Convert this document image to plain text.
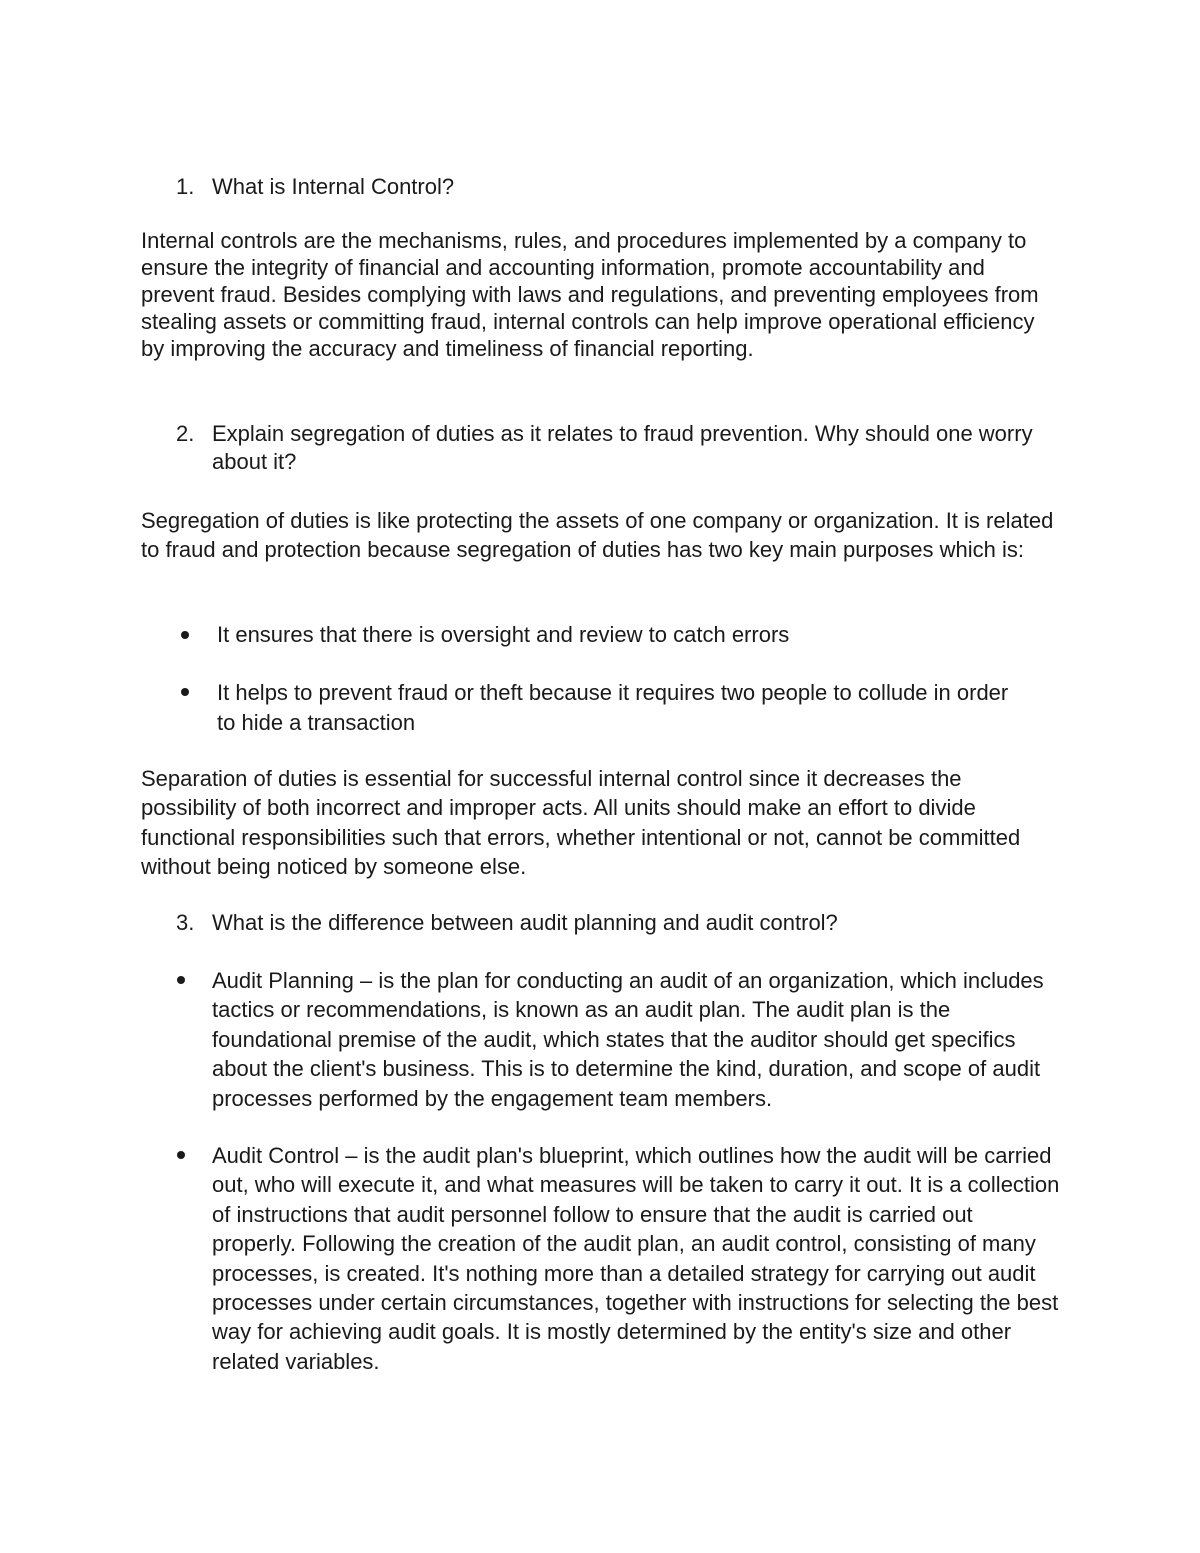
1. What is Internal Control?
Internal controls are the mechanisms, rules, and procedures implemented by a company to ensure the integrity of financial and accounting information, promote accountability and prevent fraud. Besides complying with laws and regulations, and preventing employees from stealing assets or committing fraud, internal controls can help improve operational efficiency by improving the accuracy and timeliness of financial reporting.
2. Explain segregation of duties as it relates to fraud prevention. Why should one worry about it?
Segregation of duties is like protecting the assets of one company or organization. It is related to fraud and protection because segregation of duties has two key main purposes which is:
It ensures that there is oversight and review to catch errors
It helps to prevent fraud or theft because it requires two people to collude in order to hide a transaction
Separation of duties is essential for successful internal control since it decreases the possibility of both incorrect and improper acts. All units should make an effort to divide functional responsibilities such that errors, whether intentional or not, cannot be committed without being noticed by someone else.
3. What is the difference between audit planning and audit control?
Audit Planning – is the plan for conducting an audit of an organization, which includes tactics or recommendations, is known as an audit plan. The audit plan is the foundational premise of the audit, which states that the auditor should get specifics about the client's business. This is to determine the kind, duration, and scope of audit processes performed by the engagement team members.
Audit Control – is the audit plan's blueprint, which outlines how the audit will be carried out, who will execute it, and what measures will be taken to carry it out. It is a collection of instructions that audit personnel follow to ensure that the audit is carried out properly. Following the creation of the audit plan, an audit control, consisting of many processes, is created. It's nothing more than a detailed strategy for carrying out audit processes under certain circumstances, together with instructions for selecting the best way for achieving audit goals. It is mostly determined by the entity's size and other related variables.
